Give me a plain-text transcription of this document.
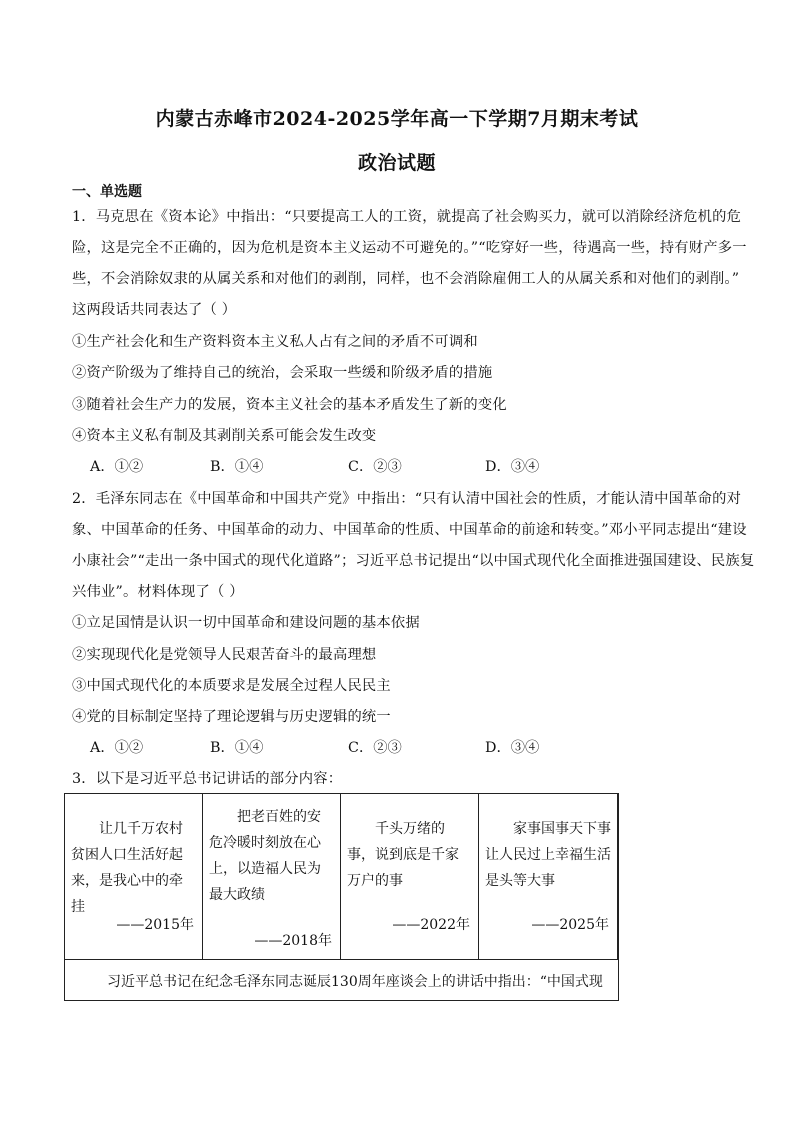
内蒙古赤峰市2024-2025学年高一下学期7月期末考试
政治试题
一、单选题
1．马克思在《资本论》中指出：“只要提高工人的工资，就提高了社会购买力，就可以消除经济危机的危
险，这是完全不正确的，因为危机是资本主义运动不可避免的。”“吃穿好一些，待遇高一些，持有财产多一
些，不会消除奴隶的从属关系和对他们的剥削，同样，也不会消除雇佣工人的从属关系和对他们的剥削。”
这两段话共同表达了（ ）
①生产社会化和生产资料资本主义私人占有之间的矛盾不可调和
②资产阶级为了维持自己的统治，会采取一些缓和阶级矛盾的措施
③随着社会生产力的发展，资本主义社会的基本矛盾发生了新的变化
④资本主义私有制及其剥削关系可能会发生改变
A．①②	B．①④	C．②③	D．③④
2．毛泽东同志在《中国革命和中国共产党》中指出：“只有认清中国社会的性质，才能认清中国革命的对
象、中国革命的任务、中国革命的动力、中国革命的性质、中国革命的前途和转变。”邓小平同志提出“建设
小康社会”“走出一条中国式的现代化道路”；习近平总书记提出“以中国式现代化全面推进强国建设、民族复
兴伟业”。材料体现了（ ）
①立足国情是认识一切中国革命和建设问题的基本依据
②实现现代化是党领导人民艰苦奋斗的最高理想
③中国式现代化的本质要求是发展全过程人民民主
④党的目标制定坚持了理论逻辑与历史逻辑的统一
A．①②	B．①④	C．②③	D．③④
3．以下是习近平总书记讲话的部分内容：
让几千万农村贫困人口生活好起来，是我心中的牵挂
——2015年
把老百姓的安危冷暖时刻放在心上，以造福人民为最大政绩
——2018年
千头万绪的事，说到底是千家万户的事
——2022年
家事国事天下事让人民过上幸福生活是头等大事
——2025年
习近平总书记在纪念毛泽东同志诞辰130周年座谈会上的讲话中指出：“中国式现
